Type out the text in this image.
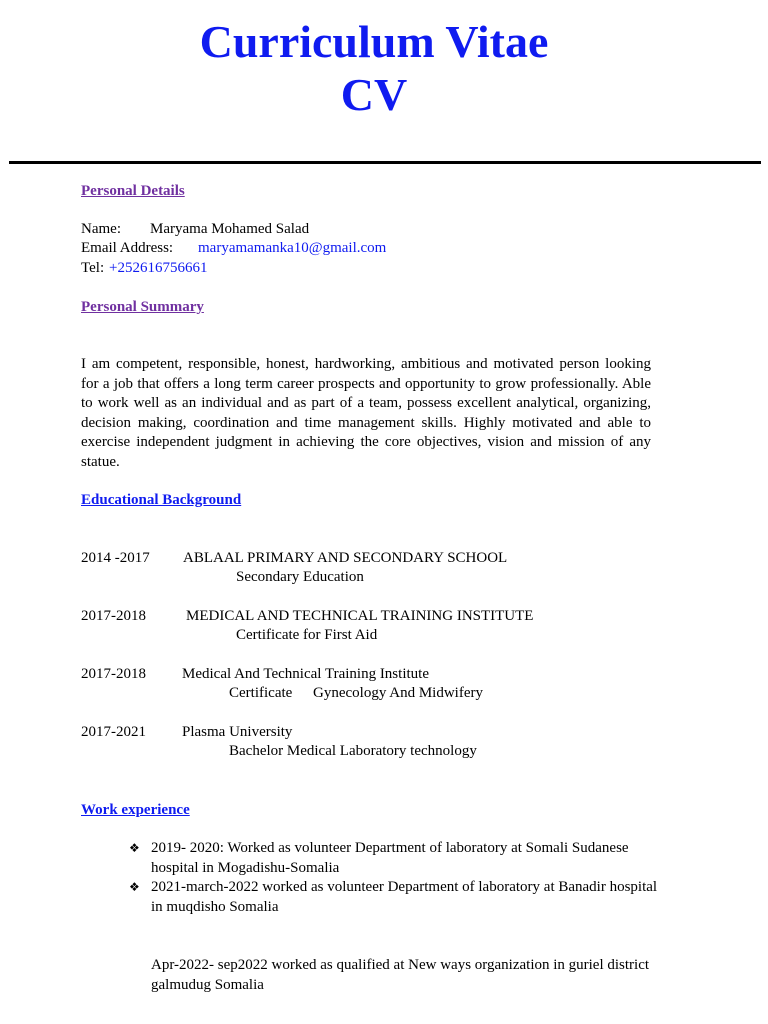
Curriculum Vitae
CV
Personal Details
Name: Maryama Mohamed Salad
Email Address: maryamamanka10@gmail.com
Tel: +252616756661
Personal Summary
I am competent, responsible, honest, hardworking, ambitious and motivated person looking for a job that offers a long term career prospects and opportunity to grow professionally. Able to work well as an individual and as part of a team, possess excellent analytical, organizing, decision making, coordination and time management skills. Highly motivated and able to exercise independent judgment in achieving the core objectives, vision and mission of any statue.
Educational Background
2014 -2017 ABLAAL PRIMARY AND SECONDARY SCHOOL
Secondary Education
2017-2018	MEDICAL AND TECHNICAL TRAINING INSTITUTE
Certificate for First Aid
2017-2018 Medical And Technical Training Institute
Certificate Gynecology And Midwifery
2017-2021 Plasma University
Bachelor Medical Laboratory technology
Work experience
❖ 2019- 2020: Worked as volunteer Department of laboratory at Somali Sudanese hospital in Mogadishu-Somalia
❖ 2021-march-2022 worked as volunteer Department of laboratory at Banadir hospital in muqdisho Somalia
Apr-2022- sep2022 worked as qualified at New ways organization in guriel district galmudug Somalia
